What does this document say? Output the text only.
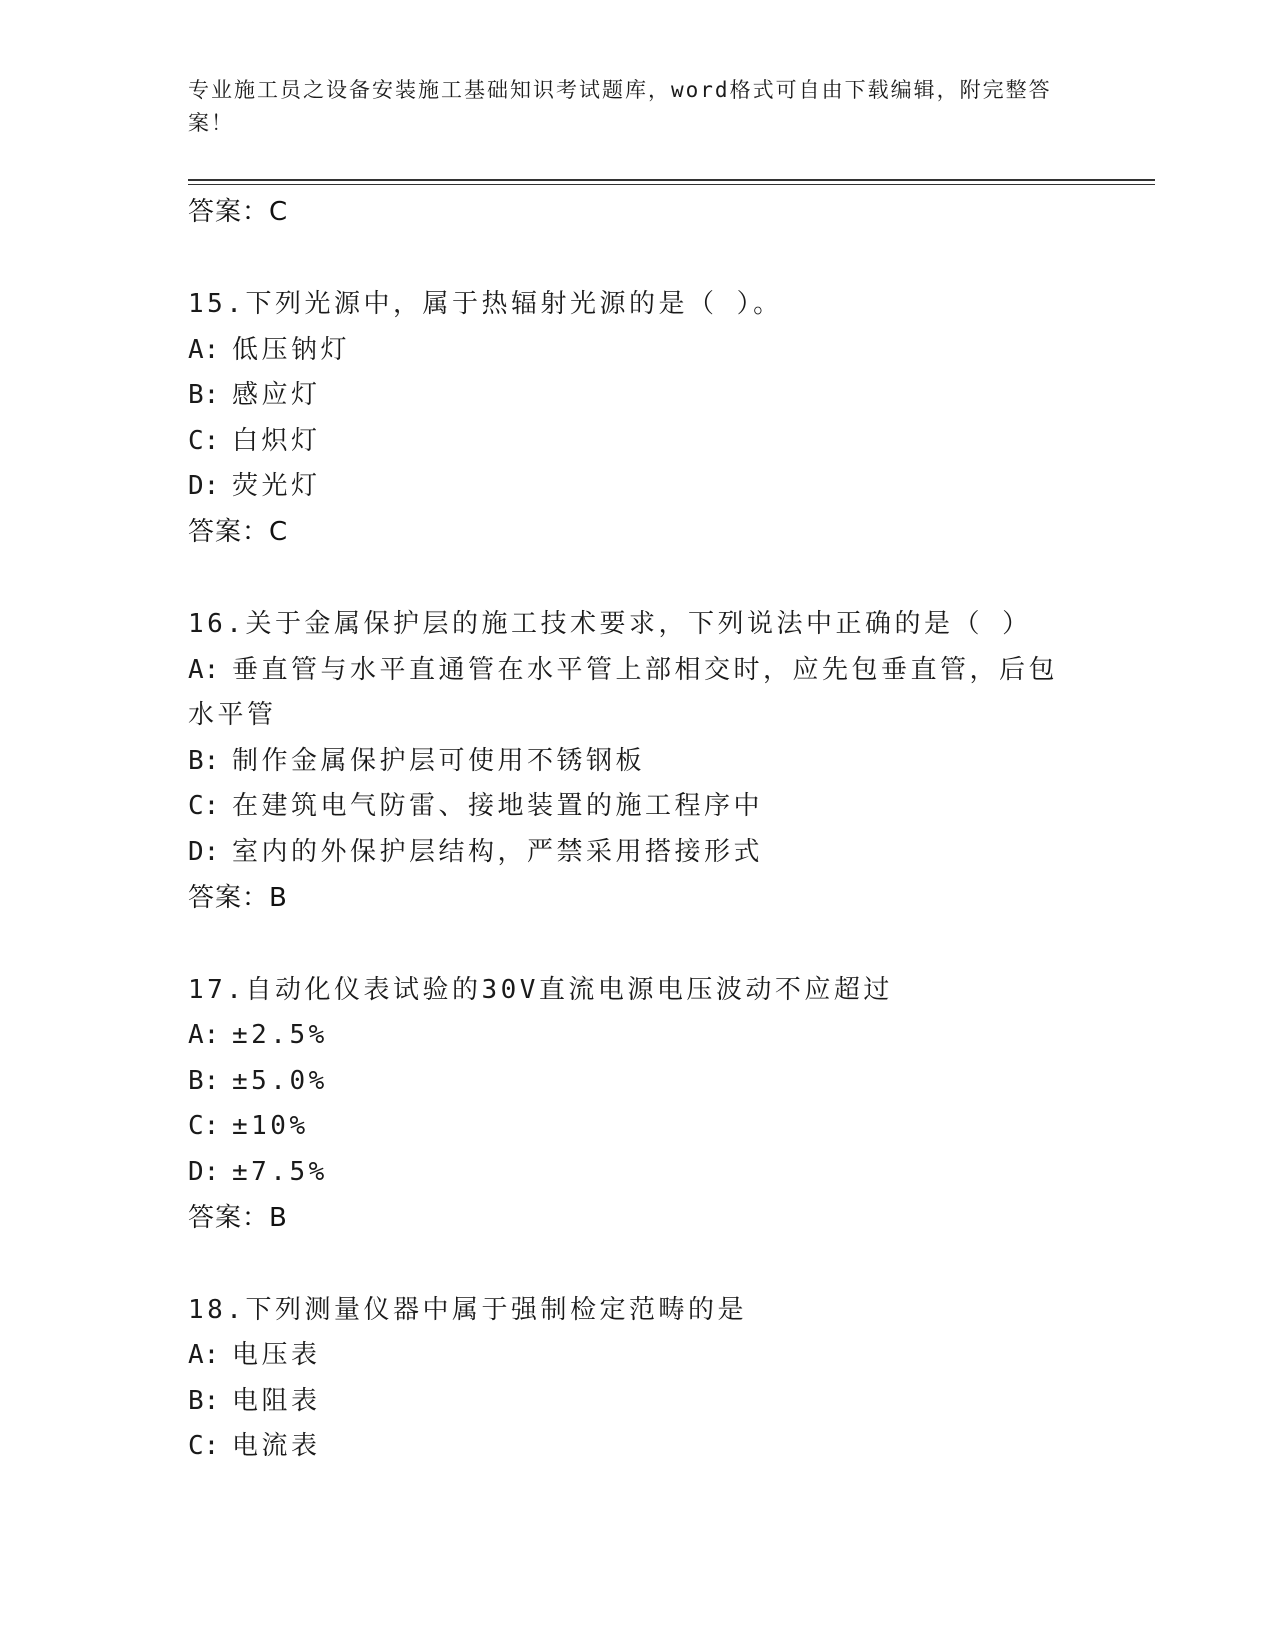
专业施工员之设备安装施工基础知识考试题库，word格式可自由下载编辑，附完整答案！
答案：C
15.下列光源中，属于热辐射光源的是（ ）。
A: 低压钠灯
B: 感应灯
C: 白炽灯
D: 荧光灯
答案：C
16.关于金属保护层的施工技术要求，下列说法中正确的是（ ）
A: 垂直管与水平直通管在水平管上部相交时，应先包垂直管，后包水平管
B: 制作金属保护层可使用不锈钢板
C: 在建筑电气防雷、接地装置的施工程序中
D: 室内的外保护层结构，严禁采用搭接形式
答案：B
17.自动化仪表试验的30V直流电源电压波动不应超过
A: ±2.5%
B: ±5.0%
C: ±10%
D: ±7.5%
答案：B
18.下列测量仪器中属于强制检定范畴的是
A: 电压表
B: 电阻表
C: 电流表
